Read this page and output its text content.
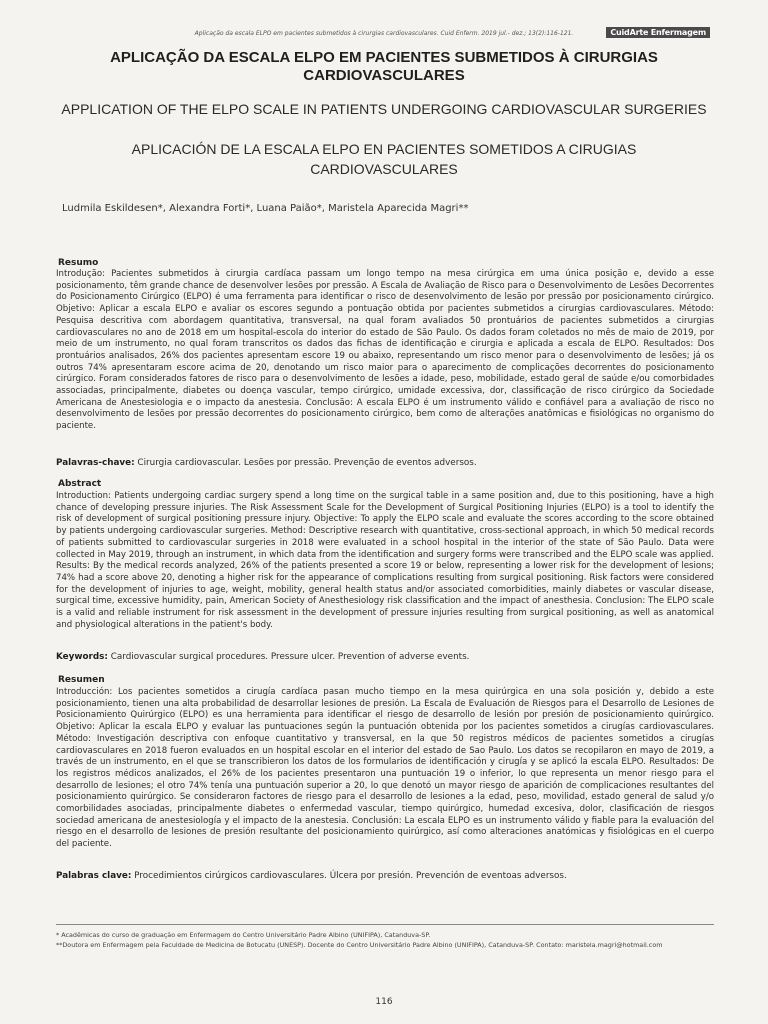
Aplicação da escala ELPO em pacientes submetidos à cirurgias cardiovasculares. Cuid Enferm. 2019 jul.- dez.; 13(2):116-121.	CuidArte Enfermagem
APLICAÇÃO DA ESCALA ELPO EM PACIENTES SUBMETIDOS À CIRURGIAS CARDIOVASCULARES
APPLICATION OF THE ELPO SCALE IN PATIENTS UNDERGOING CARDIOVASCULAR SURGERIES
APLICACIÓN DE LA ESCALA ELPO EN PACIENTES SOMETIDOS A CIRUGIAS CARDIOVASCULARES
Ludmila Eskildesen*, Alexandra Forti*, Luana Paião*, Maristela Aparecida Magri**
Resumo
Introdução: Pacientes submetidos à cirurgia cardíaca passam um longo tempo na mesa cirúrgica em uma única posição e, devido a esse posicionamento, têm grande chance de desenvolver lesões por pressão. A Escala de Avaliação de Risco para o Desenvolvimento de Lesões Decorrentes do Posicionamento Cirúrgico (ELPO) é uma ferramenta para identificar o risco de desenvolvimento de lesão por pressão por posicionamento cirúrgico. Objetivo: Aplicar a escala ELPO e avaliar os escores segundo a pontuação obtida por pacientes submetidos a cirurgias cardiovasculares. Método: Pesquisa descritiva com abordagem quantitativa, transversal, na qual foram avaliados 50 prontuários de pacientes submetidos a cirurgias cardiovasculares no ano de 2018 em um hospital-escola do interior do estado de São Paulo. Os dados foram coletados no mês de maio de 2019, por meio de um instrumento, no qual foram transcritos os dados das fichas de identificação e cirurgia e aplicada a escala de ELPO. Resultados: Dos prontuários analisados, 26% dos pacientes apresentam escore 19 ou abaixo, representando um risco menor para o desenvolvimento de lesões; já os outros 74% apresentaram escore acima de 20, denotando um risco maior para o aparecimento de complicações decorrentes do posicionamento cirúrgico. Foram considerados fatores de risco para o desenvolvimento de lesões a idade, peso, mobilidade, estado geral de saúde e/ou comorbidades associadas, principalmente, diabetes ou doença vascular, tempo cirúrgico, umidade excessiva, dor, classificação de risco cirúrgico da Sociedade Americana de Anestesiologia e o impacto da anestesia. Conclusão: A escala ELPO é um instrumento válido e confiável para a avaliação de risco no desenvolvimento de lesões por pressão decorrentes do posicionamento cirúrgico, bem como de alterações anatômicas e fisiológicas no organismo do paciente.
Palavras-chave: Cirurgia cardiovascular. Lesões por pressão. Prevenção de eventos adversos.
Abstract
Introduction: Patients undergoing cardiac surgery spend a long time on the surgical table in a same position and, due to this positioning, have a high chance of developing pressure injuries. The Risk Assessment Scale for the Development of Surgical Positioning Injuries (ELPO) is a tool to identify the risk of development of surgical positioning pressure injury. Objective: To apply the ELPO scale and evaluate the scores according to the score obtained by patients undergoing cardiovascular surgeries. Method: Descriptive research with quantitative, cross-sectional approach, in which 50 medical records of patients submitted to cardiovascular surgeries in 2018 were evaluated in a school hospital in the interior of the state of São Paulo. Data were collected in May 2019, through an instrument, in which data from the identification and surgery forms were transcribed and the ELPO scale was applied. Results: By the medical records analyzed, 26% of the patients presented a score 19 or below, representing a lower risk for the development of lesions; 74% had a score above 20, denoting a higher risk for the appearance of complications resulting from surgical positioning. Risk factors were considered for the development of injuries to age, weight, mobility, general health status and/or associated comorbidities, mainly diabetes or vascular disease, surgical time, excessive humidity, pain, American Society of Anesthesiology risk classification and the impact of anesthesia. Conclusion: The ELPO scale is a valid and reliable instrument for risk assessment in the development of pressure injuries resulting from surgical positioning, as well as anatomical and physiological alterations in the patient's body.
Keywords: Cardiovascular surgical procedures. Pressure ulcer. Prevention of adverse events.
Resumen
Introducción: Los pacientes sometidos a cirugía cardíaca pasan mucho tiempo en la mesa quirúrgica en una sola posición y, debido a este posicionamiento, tienen una alta probabilidad de desarrollar lesiones de presión. La Escala de Evaluación de Riesgos para el Desarrollo de Lesiones de Posicionamiento Quirúrgico (ELPO) es una herramienta para identificar el riesgo de desarrollo de lesión por presión de posicionamiento quirúrgico. Objetivo: Aplicar la escala ELPO y evaluar las puntuaciones según la puntuación obtenida por los pacientes sometidos a cirugías cardiovasculares. Método: Investigación descriptiva con enfoque cuantitativo y transversal, en la que 50 registros médicos de pacientes sometidos a cirugías cardiovasculares en 2018 fueron evaluados en un hospital escolar en el interior del estado de Sao Paulo. Los datos se recopilaron en mayo de 2019, a través de un instrumento, en el que se transcribieron los datos de los formularios de identificación y cirugía y se aplicó la escala ELPO. Resultados: De los registros médicos analizados, el 26% de los pacientes presentaron una puntuación 19 o inferior, lo que representa un menor riesgo para el desarrollo de lesiones; el otro 74% tenía una puntuación superior a 20, lo que denotó un mayor riesgo de aparición de complicaciones resultantes del posicionamiento quirúrgico. Se consideraron factores de riesgo para el desarrollo de lesiones a la edad, peso, movilidad, estado general de salud y/o comorbilidades asociadas, principalmente diabetes o enfermedad vascular, tiempo quirúrgico, humedad excesiva, dolor, clasificación de riesgos sociedad americana de anestesiología y el impacto de la anestesia. Conclusión: La escala ELPO es un instrumento válido y fiable para la evaluación del riesgo en el desarrollo de lesiones de presión resultante del posicionamiento quirúrgico, así como alteraciones anatómicas y fisiológicas en el cuerpo del paciente.
Palabras clave: Procedimientos cirúrgicos cardiovasculares. Úlcera por presión. Prevención de eventoas adversos.
* Acadêmicas do curso de graduação em Enfermagem do Centro Universitário Padre Albino (UNIFIPA), Catanduva-SP.
**Doutora em Enfermagem pela Faculdade de Medicina de Botucatu (UNESP). Docente do Centro Universitário Padre Albino (UNIFIPA), Catanduva-SP. Contato: maristela.magri@hotmail.com
116
